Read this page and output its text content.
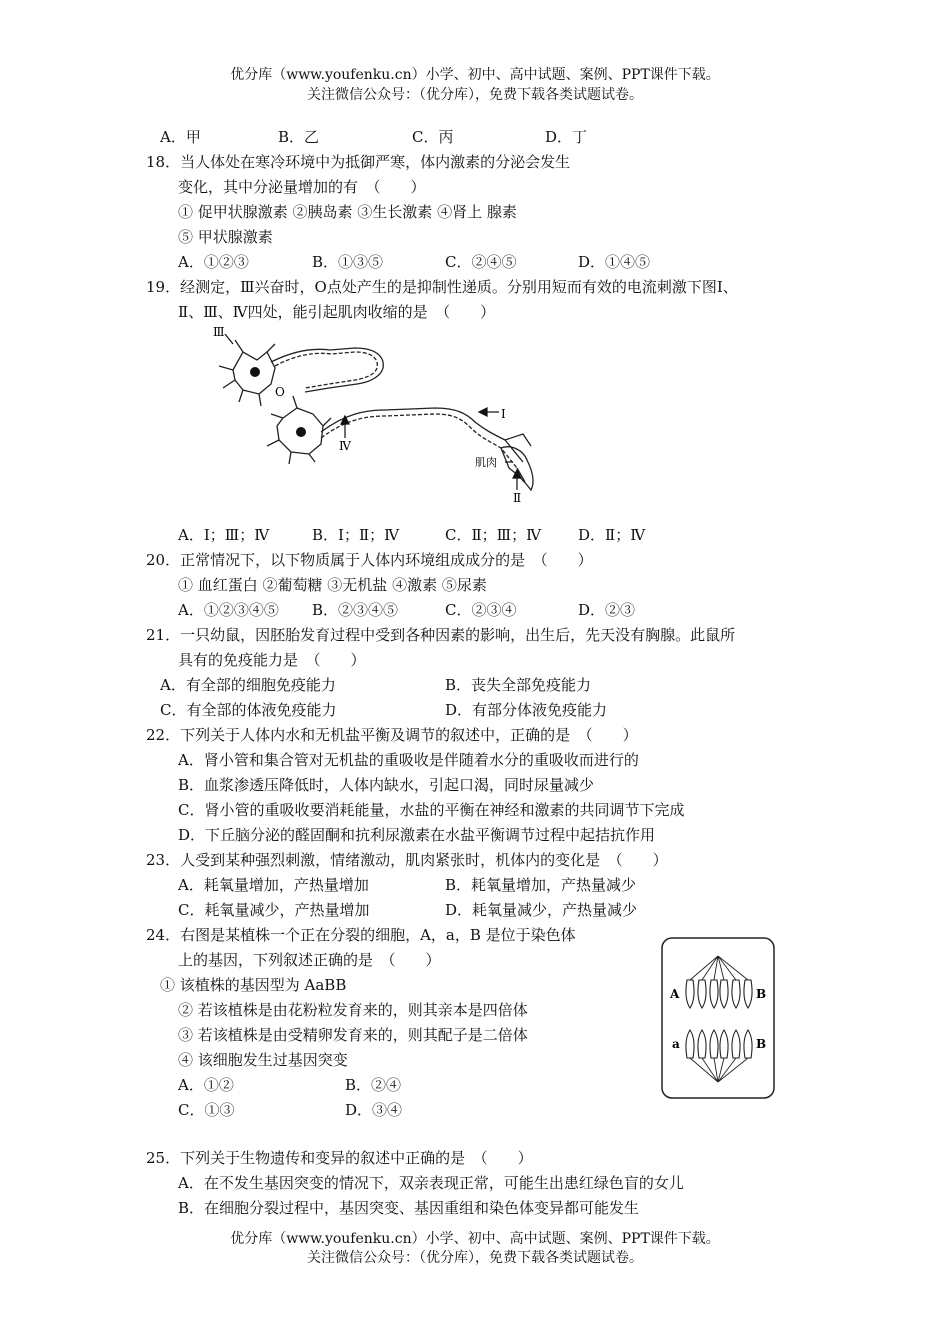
优分库（www.youfenku.cn）小学、初中、高中试题、案例、PPT课件下载。
关注微信公众号：（优分库），免费下载各类试题试卷。
A．甲	B．乙	C．丙	D．丁
18．当人体处在寒冷环境中为抵御严寒，体内激素的分泌会发生
变化，其中分泌量增加的有　（　　）
① 促甲状腺激素 ②胰岛素 ③生长激素 ④肾上 腺素
⑤ 甲状腺激素
A．①②③	B．①③⑤	C．②④⑤	D．①④⑤
19．经测定，Ⅲ兴奋时，O点处产生的是抑制性递质。分别用短而有效的电流刺激下图Ⅰ、
Ⅱ、Ⅲ、Ⅳ四处，能引起肌肉收缩的是　（　　）
Ⅲ
O
Ⅳ
Ⅰ
肌肉
Ⅱ
A．Ⅰ；Ⅲ；Ⅳ	B．Ⅰ；Ⅱ；Ⅳ	C．Ⅱ；Ⅲ；Ⅳ D．Ⅱ；Ⅳ
20．正常情况下，以下物质属于人体内环境组成成分的是　（　　）
① 血红蛋白 ②葡萄糖 ③无机盐 ④激素 ⑤尿素
A．①②③④⑤ B．②③④⑤	C．②③④	D．②③
21．一只幼鼠，因胚胎发育过程中受到各种因素的影响，出生后，先天没有胸腺。此鼠所
具有的免疫能力是　（　　）
A．有全部的细胞免疫能力	B．丧失全部免疫能力
C．有全部的体液免疫能力	D．有部分体液免疫能力
22．下列关于人体内水和无机盐平衡及调节的叙述中，正确的是　（　　）
A．肾小管和集合管对无机盐的重吸收是伴随着水分的重吸收而进行的
B．血浆渗透压降低时，人体内缺水，引起口渴，同时尿量减少
C．肾小管的重吸收要消耗能量，水盐的平衡在神经和激素的共同调节下完成
D．下丘脑分泌的醛固酮和抗利尿激素在水盐平衡调节过程中起拮抗作用
23．人受到某种强烈刺激，情绪激动，肌肉紧张时，机体内的变化是　（　　）
A．耗氧量增加，产热量增加	B．耗氧量增加，产热量减少
C．耗氧量减少，产热量增加	D．耗氧量减少，产热量减少
24．右图是某植株一个正在分裂的细胞，A，a，B 是位于染色体
上的基因，下列叙述正确的是　（　　）
① 该植株的基因型为 AaBB
② 若该植株是由花粉粒发育来的，则其亲本是四倍体
③ 若该植株是由受精卵发育来的，则其配子是二倍体
④ 该细胞发生过基因突变
A．①②	B．②④
C．①③	D．③④
A	B
a	B
25．下列关于生物遗传和变异的叙述中正确的是　（　　）
A．在不发生基因突变的情况下，双亲表现正常，可能生出患红绿色盲的女儿
B．在细胞分裂过程中，基因突变、基因重组和染色体变异都可能发生
优分库（www.youfenku.cn）小学、初中、高中试题、案例、PPT课件下载。
关注微信公众号：（优分库），免费下载各类试题试卷。
